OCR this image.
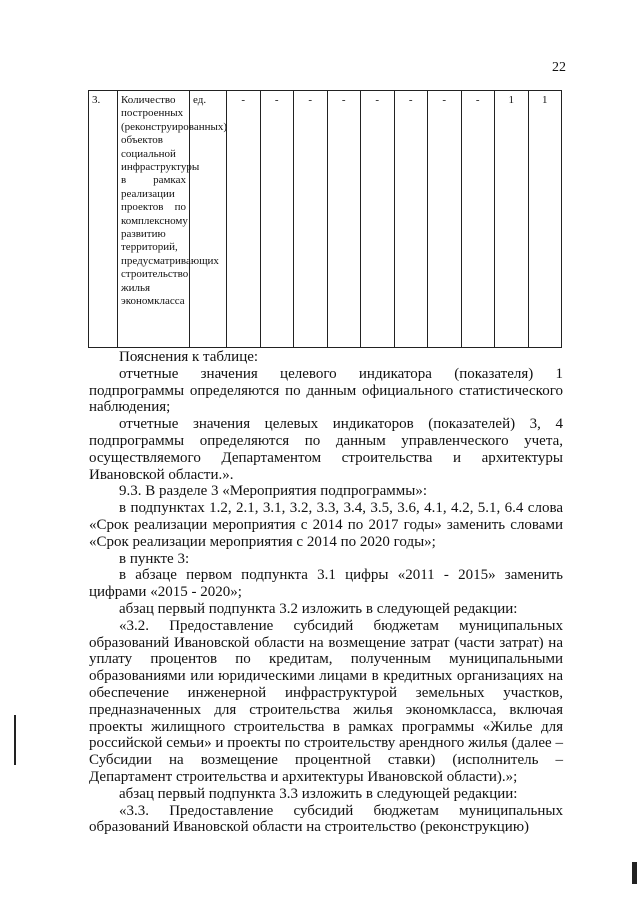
22
3.	Количество построенных (реконструированных) объектов социальной инфраструктуры в рамках реализации проектов по комплексному развитию территорий, предусматривающих строительство жилья экономкласса	ед.	-	-	-	-	-	-	-	-	1	1

Пояснения к таблице:

отчетные значения целевого индикатора (показателя) 1 подпрограммы определяются по данным официального статистического наблюдения;

отчетные значения целевых индикаторов (показателей) 3, 4 подпрограммы определяются по данным управленческого учета, осуществляемого Департаментом строительства и архитектуры Ивановской области.».

9.3. В разделе 3 «Мероприятия подпрограммы»:

в подпунктах 1.2, 2.1, 3.1, 3.2, 3.3, 3.4, 3.5, 3.6, 4.1, 4.2, 5.1, 6.4 слова «Срок реализации мероприятия с 2014 по 2017 годы» заменить словами «Срок реализации мероприятия с 2014 по 2020 годы»;

в пункте 3:

в абзаце первом подпункта 3.1 цифры «2011 - 2015» заменить цифрами «2015 - 2020»;

абзац первый подпункта 3.2 изложить в следующей редакции:

«3.2. Предоставление субсидий бюджетам муниципальных образований Ивановской области на возмещение затрат (части затрат) на уплату процентов по кредитам, полученным муниципальными образованиями или юридическими лицами в кредитных организациях на обеспечение инженерной инфраструктурой земельных участков, предназначенных для строительства жилья экономкласса, включая проекты жилищного строительства в рамках программы «Жилье для российской семьи» и проекты по строительству арендного жилья (далее – Субсидии на возмещение процентной ставки) (исполнитель – Департамент строительства и архитектуры Ивановской области).»;

абзац первый подпункта 3.3 изложить в следующей редакции:

«3.3. Предоставление субсидий бюджетам муниципальных образований Ивановской области на строительство (реконструкцию)
